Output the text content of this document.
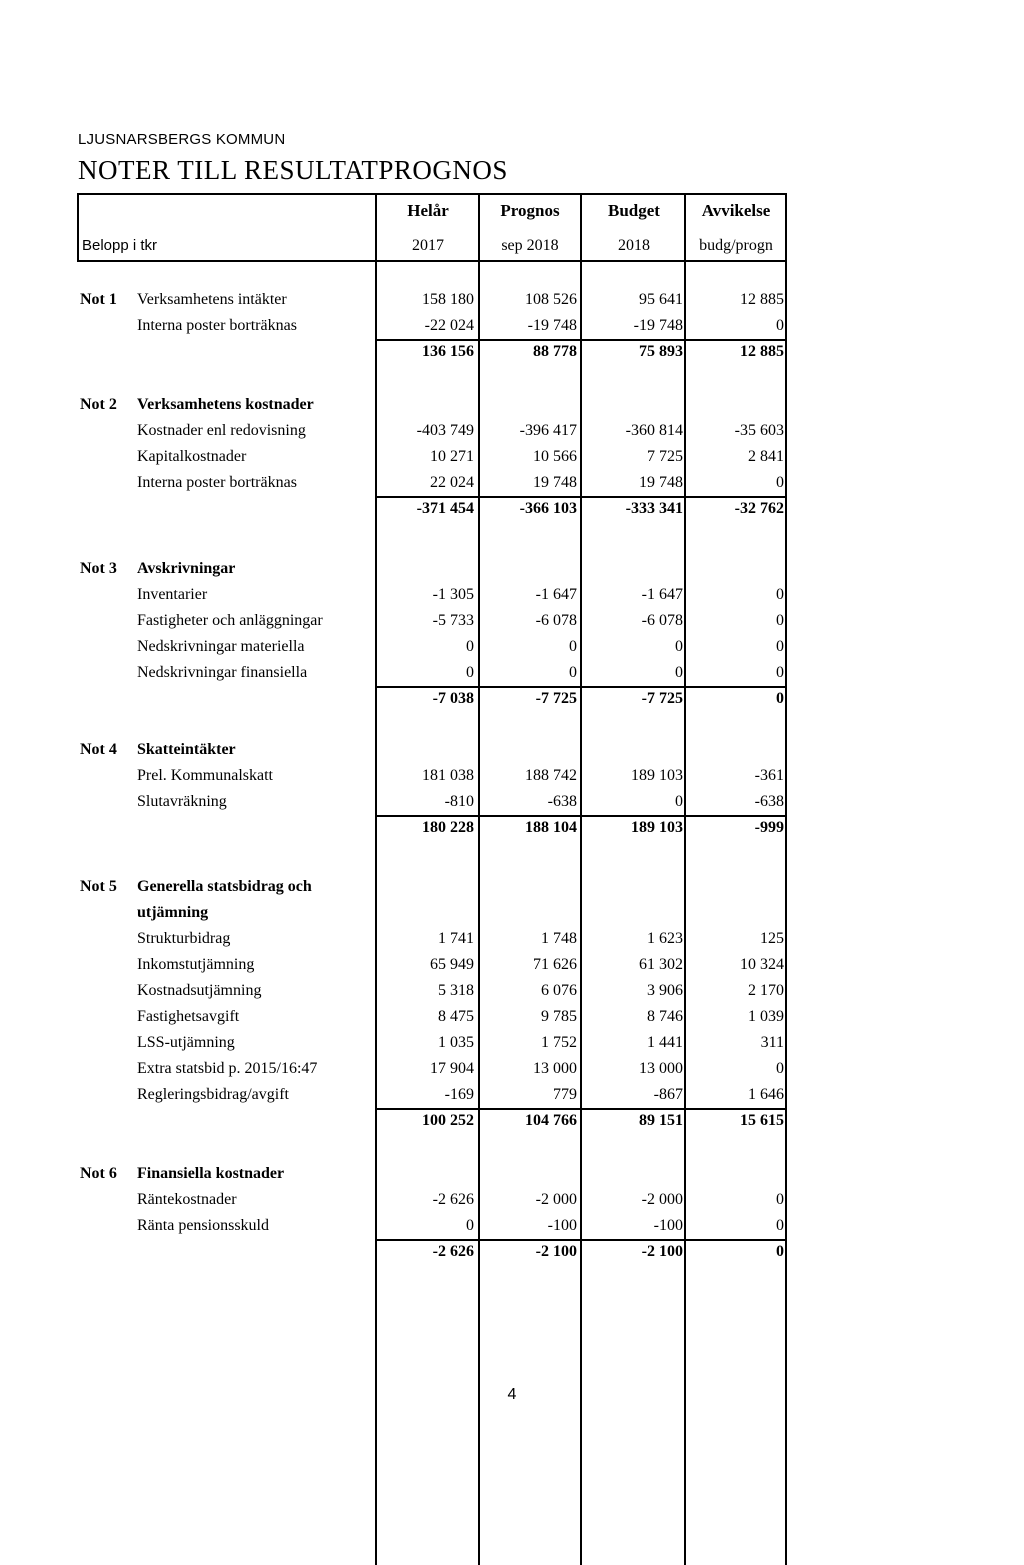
LJUSNARSBERGS KOMMUN
NOTER TILL RESULTATPROGNOS
Helår	Prognos	Budget	Avvikelse
Belopp i tkr	2017	sep 2018	2018	budg/progn
Not 1 Verksamhetens intäkter	158 180	108 526	95 641	12 885
Interna poster borträknas	-22 024	-19 748	-19 748	0
136 156	88 778	75 893	12 885
Not 2 Verksamhetens kostnader
Kostnader enl redovisning	-403 749	-396 417	-360 814	-35 603
Kapitalkostnader	10 271	10 566	7 725	2 841
Interna poster borträknas	22 024	19 748	19 748	0
-371 454	-366 103	-333 341	-32 762
Not 3 Avskrivningar
Inventarier	-1 305	-1 647	-1 647	0
Fastigheter och anläggningar	-5 733	-6 078	-6 078	0
Nedskrivningar materiella	0	0	0	0
Nedskrivningar finansiella	0	0	0	0
-7 038	-7 725	-7 725	0
Not 4 Skatteintäkter
Prel. Kommunalskatt	181 038	188 742	189 103	-361
Slutavräkning	-810	-638	0	-638
180 228	188 104	189 103	-999
Not 5 Generella statsbidrag och
utjämning
Strukturbidrag	1 741	1 748	1 623	125
Inkomstutjämning	65 949	71 626	61 302	10 324
Kostnadsutjämning	5 318	6 076	3 906	2 170
Fastighetsavgift	8 475	9 785	8 746	1 039
LSS-utjämning	1 035	1 752	1 441	311
Extra statsbid p. 2015/16:47	17 904	13 000	13 000	0
Regleringsbidrag/avgift	-169	779	-867	1 646
100 252	104 766	89 151	15 615
Not 6 Finansiella kostnader
Räntekostnader	-2 626	-2 000	-2 000	0
Ränta pensionsskuld	0	-100	-100	0
-2 626	-2 100	-2 100	0
4
